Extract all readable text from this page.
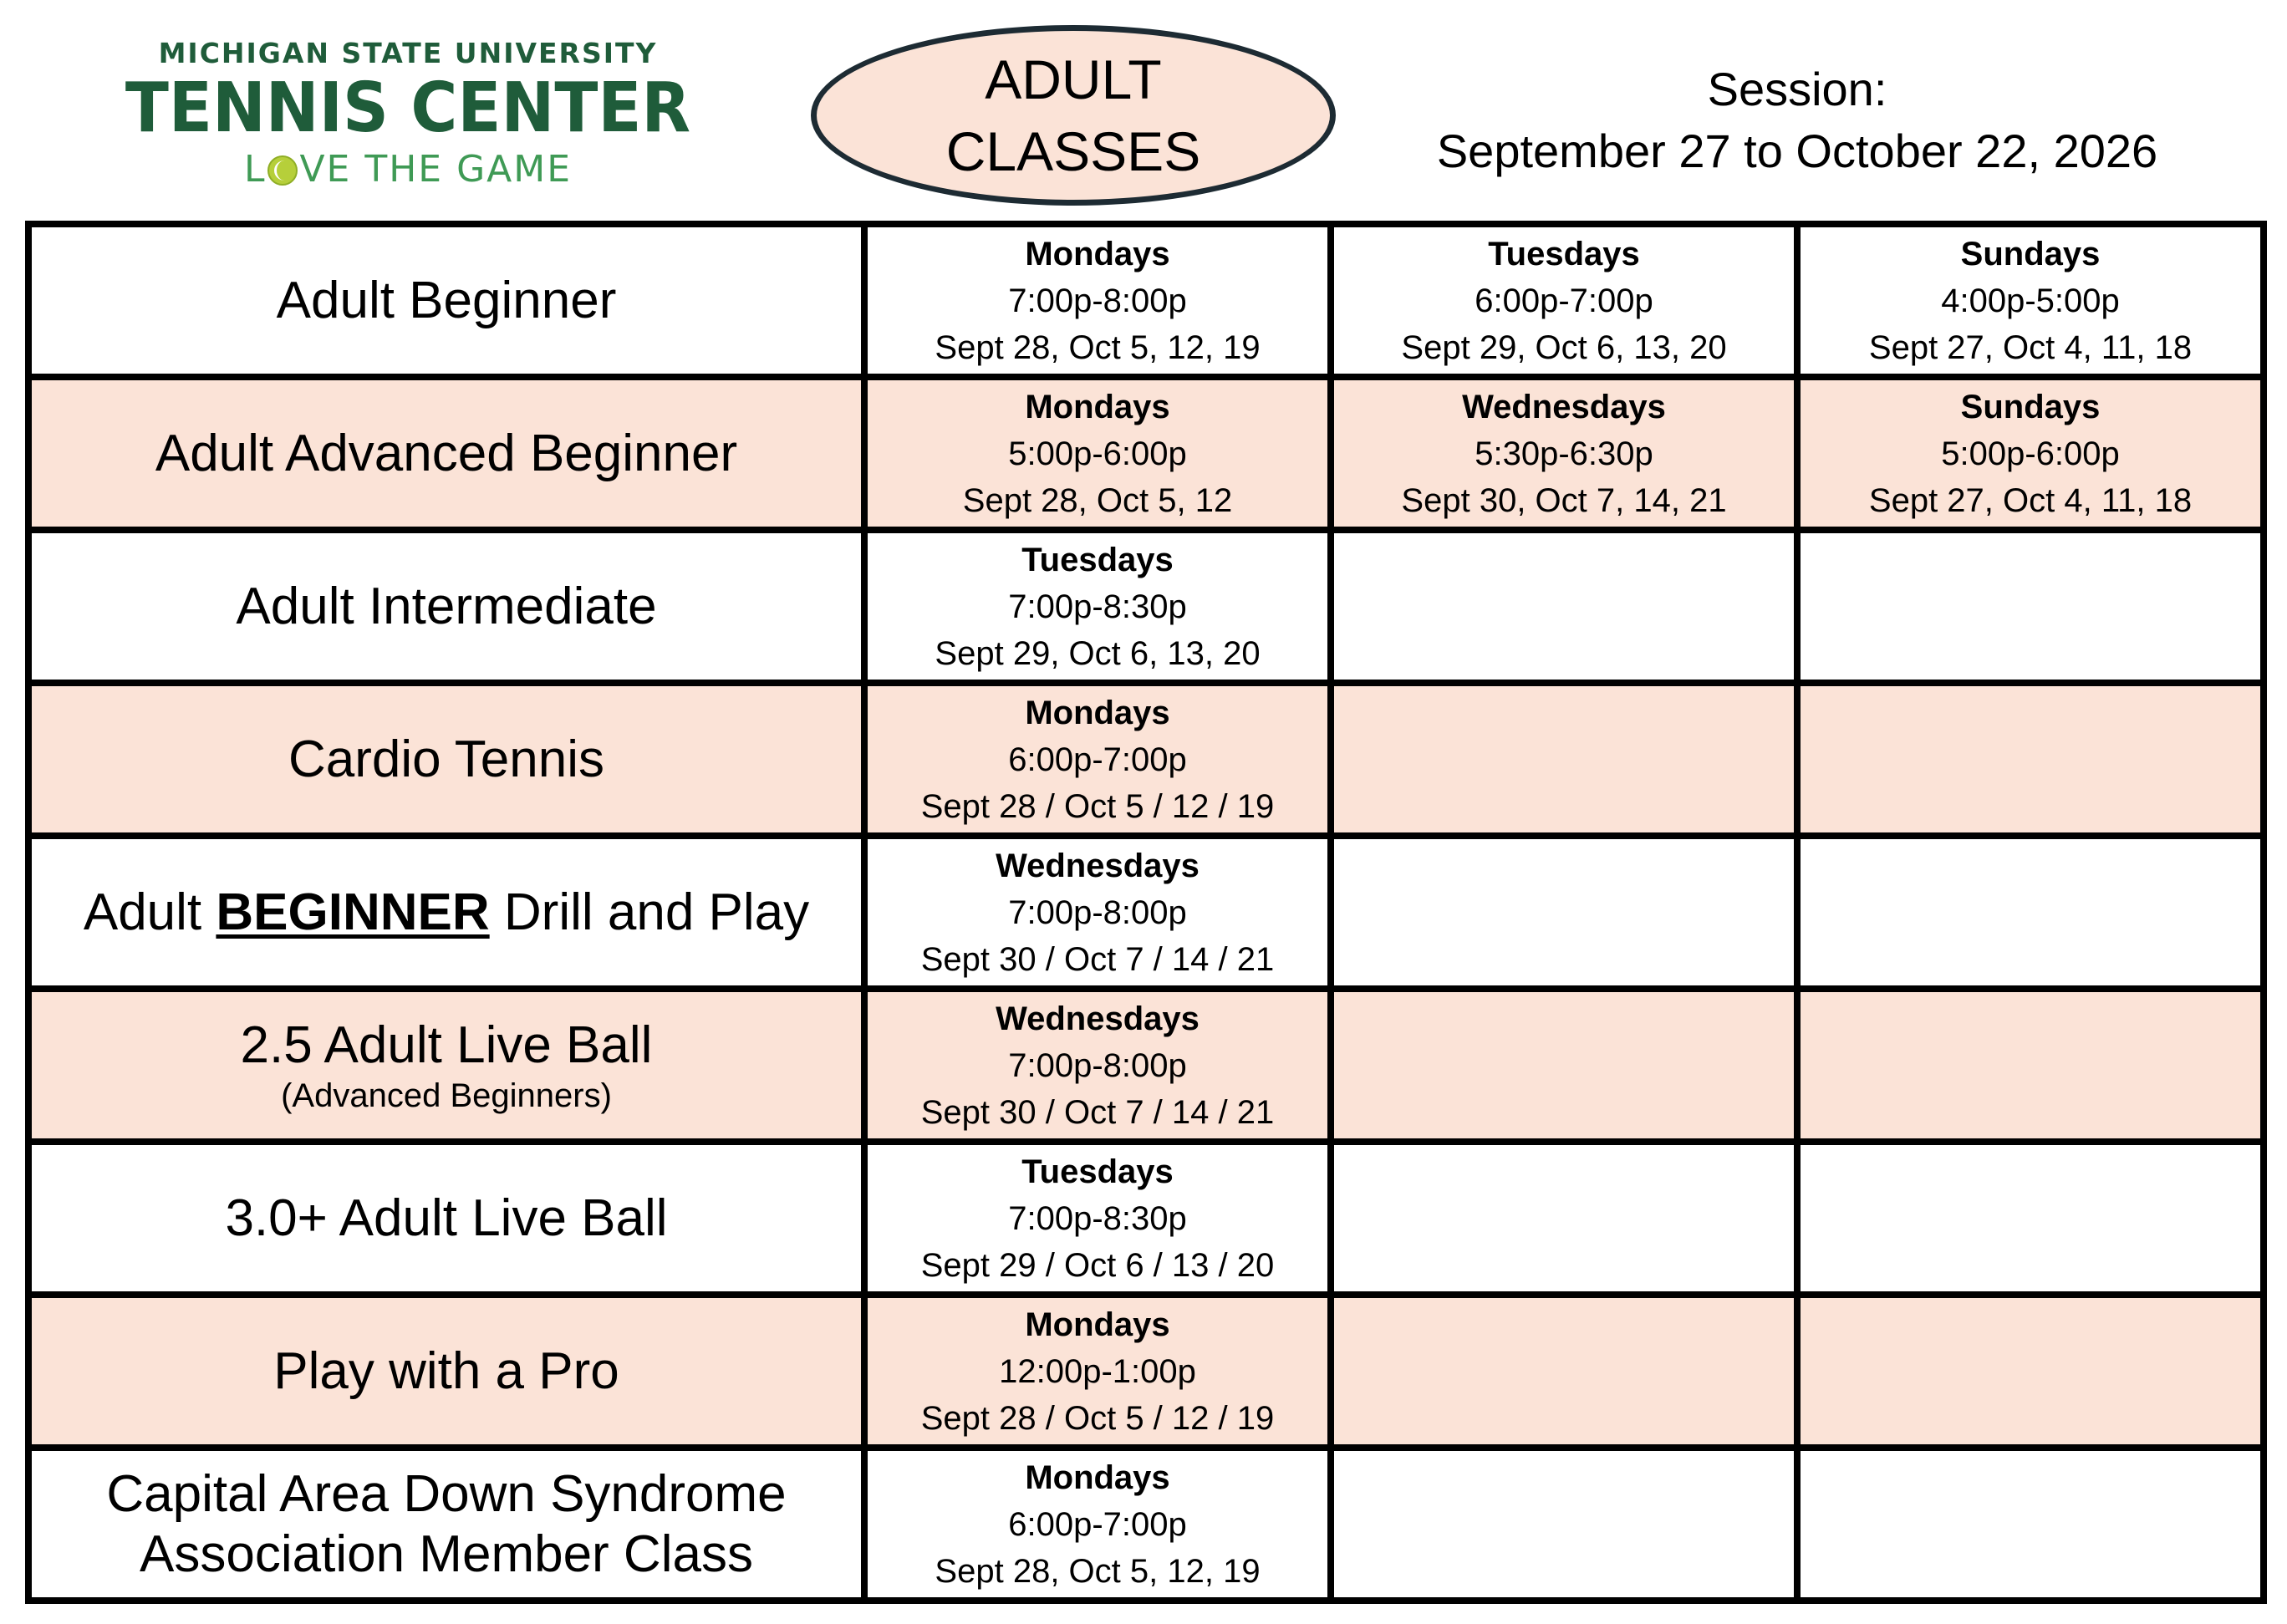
MICHIGAN STATE UNIVERSITY
TENNIS CENTER
L VE THE GAME
ADULT
CLASSES
Session:
September 27 to October 22, 2026
Adult Beginner	Mondays
7:00p-8:00p
Sept 28, Oct 5, 12, 19	Tuesdays
6:00p-7:00p
Sept 29, Oct 6, 13, 20	Sundays
4:00p-5:00p
Sept 27, Oct 4, 11, 18

Adult Advanced Beginner	Mondays
5:00p-6:00p
Sept 28, Oct 5, 12	Wednesdays
5:30p-6:30p
Sept 30, Oct 7, 14, 21	Sundays
5:00p-6:00p
Sept 27, Oct 4, 11, 18

Adult Intermediate	Tuesdays
7:00p-8:30p
Sept 29, Oct 6, 13, 20		

Cardio Tennis	Mondays
6:00p-7:00p
Sept 28 / Oct 5 / 12 / 19		

Adult BEGINNER Drill and Play	Wednesdays
7:00p-8:00p
Sept 30 / Oct 7 / 14 / 21		

2.5 Adult Live Ball
(Advanced Beginners)	Wednesdays
7:00p-8:00p
Sept 30 / Oct 7 / 14 / 21		

3.0+ Adult Live Ball	Tuesdays
7:00p-8:30p
Sept 29 / Oct 6 / 13 / 20		

Play with a Pro	Mondays
12:00p-1:00p
Sept 28 / Oct 5 / 12 / 19		

Capital Area Down Syndrome
Association Member Class	Mondays
6:00p-7:00p
Sept 28, Oct 5, 12, 19		
